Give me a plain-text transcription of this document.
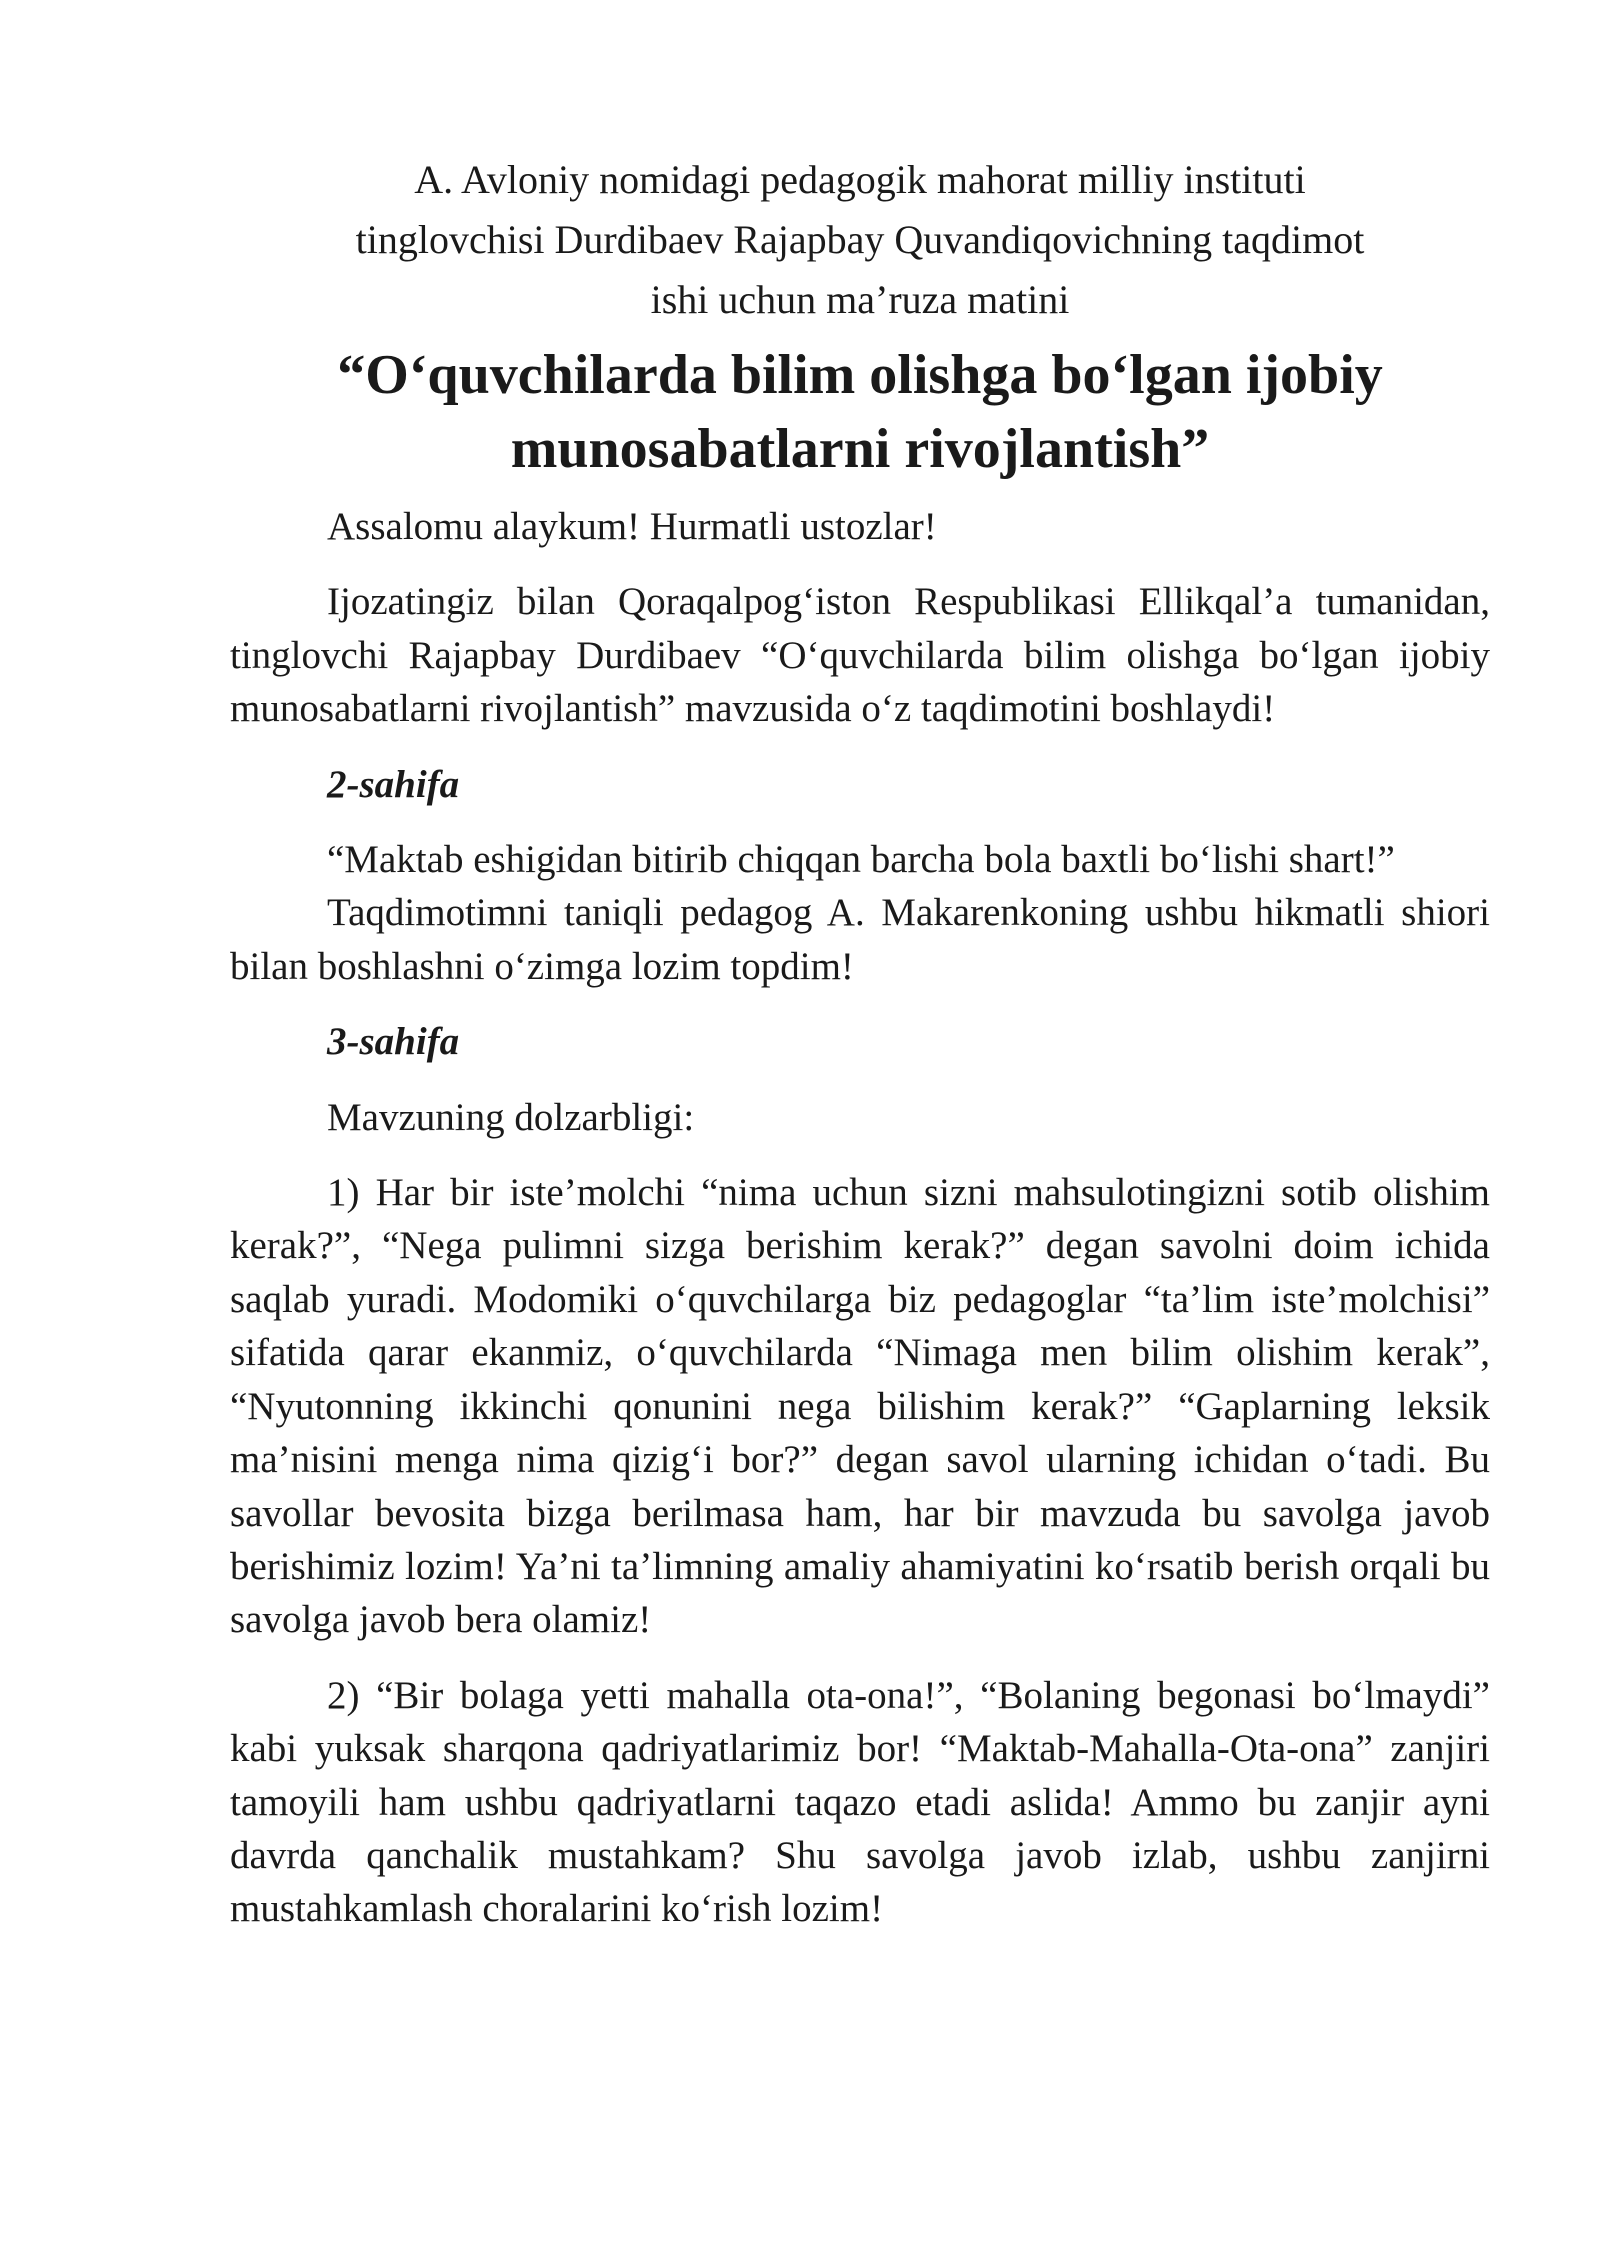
A. Avloniy nomidagi pedagogik mahorat milliy instituti

tinglovchisi Durdibaev Rajapbay Quvandiqovichning taqdimot

ishi uchun ma’ruza matini

“O‘quvchilarda bilim olishga bo‘lgan ijobiy

munosabatlarni rivojlantish”

Assalomu alaykum! Hurmatli ustozlar!

Ijozatingiz bilan Qoraqalpog‘iston Respublikasi Ellikqal’a tumanidan, tinglovchi Rajapbay Durdibaev “O‘quvchilarda bilim olishga bo‘lgan ijobiy munosabatlarni rivojlantish” mavzusida o‘z taqdimotini boshlaydi!

2-sahifa

“Maktab eshigidan bitirib chiqqan barcha bola baxtli bo‘lishi shart!”

Taqdimotimni taniqli pedagog A. Makarenkoning ushbu hikmatli shiori bilan boshlashni o‘zimga lozim topdim!

3-sahifa

Mavzuning dolzarbligi:

1) Har bir iste’molchi “nima uchun sizni mahsulotingizni sotib olishim kerak?”, “Nega pulimni sizga berishim kerak?” degan savolni doim ichida saqlab yuradi. Modomiki o‘quvchilarga biz pedagoglar “ta’lim iste’molchisi” sifatida qarar ekanmiz, o‘quvchilarda “Nimaga men bilim olishim kerak”, “Nyutonning ikkinchi qonunini nega bilishim kerak?” “Gaplarning leksik ma’nisini menga nima qizig‘i bor?” degan savol ularning ichidan o‘tadi. Bu savollar bevosita bizga berilmasa ham, har bir mavzuda bu savolga javob berishimiz lozim! Ya’ni ta’limning amaliy ahamiyatini ko‘rsatib berish orqali bu savolga javob bera olamiz!

2) “Bir bolaga yetti mahalla ota-ona!”, “Bolaning begonasi bo‘lmaydi” kabi yuksak sharqona qadriyatlarimiz bor! “Maktab-Mahalla-Ota-ona” zanjiri tamoyili ham ushbu qadriyatlarni taqazo etadi aslida! Ammo bu zanjir ayni davrda qanchalik mustahkam? Shu savolga javob izlab, ushbu zanjirni mustahkamlash choralarini ko‘rish lozim!
